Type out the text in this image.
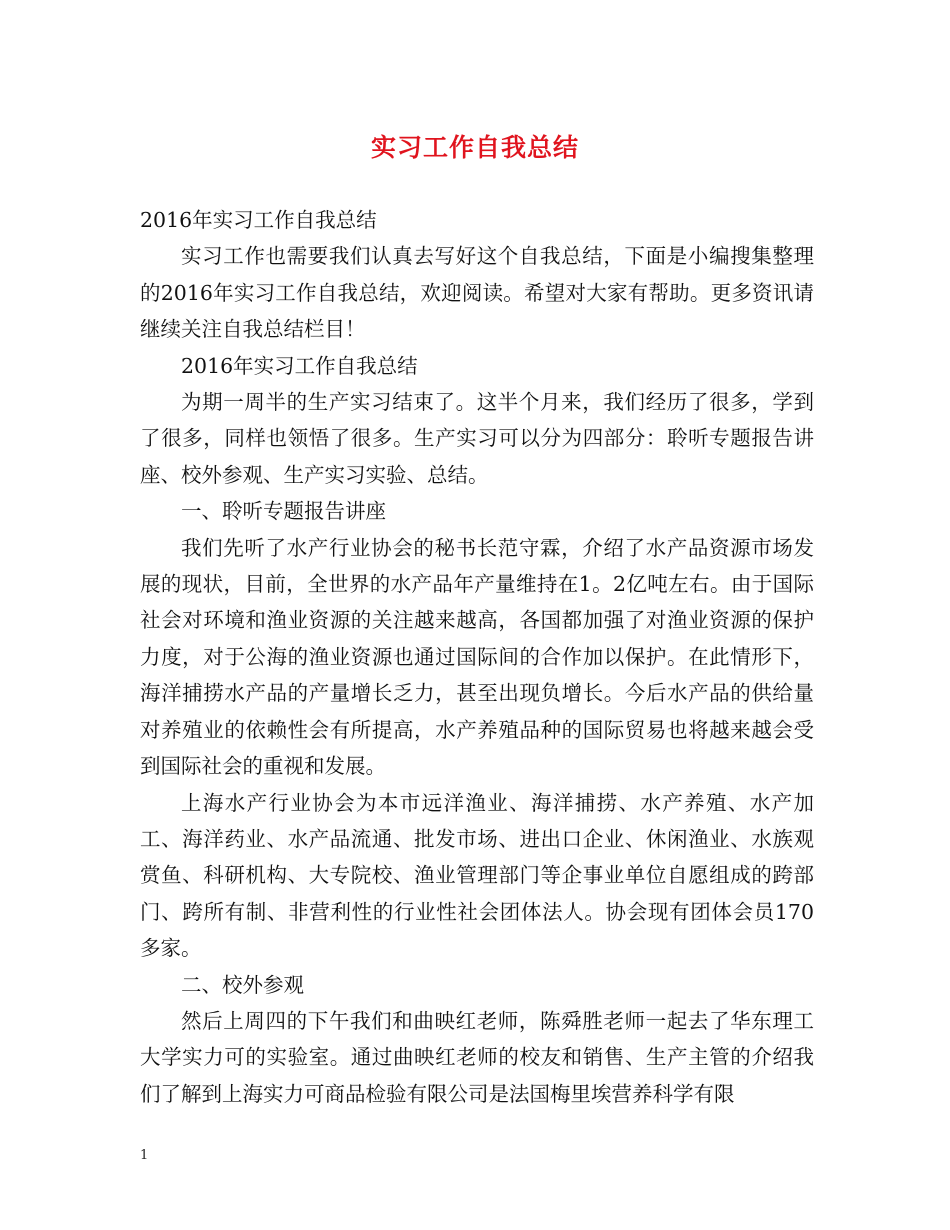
实习工作自我总结

2016年实习工作自我总结

实习工作也需要我们认真去写好这个自我总结，下面是小编搜集整理的2016年实习工作自我总结，欢迎阅读。希望对大家有帮助。更多资讯请继续关注自我总结栏目！

2016年实习工作自我总结

为期一周半的生产实习结束了。这半个月来，我们经历了很多，学到了很多，同样也领悟了很多。生产实习可以分为四部分：聆听专题报告讲座、校外参观、生产实习实验、总结。

一、聆听专题报告讲座

我们先听了水产行业协会的秘书长范守霖，介绍了水产品资源市场发展的现状，目前，全世界的水产品年产量维持在1。2亿吨左右。由于国际社会对环境和渔业资源的关注越来越高，各国都加强了对渔业资源的保护力度，对于公海的渔业资源也通过国际间的合作加以保护。在此情形下，海洋捕捞水产品的产量增长乏力，甚至出现负增长。今后水产品的供给量对养殖业的依赖性会有所提高，水产养殖品种的国际贸易也将越来越会受到国际社会的重视和发展。

上海水产行业协会为本市远洋渔业、海洋捕捞、水产养殖、水产加工、海洋药业、水产品流通、批发市场、进出口企业、休闲渔业、水族观赏鱼、科研机构、大专院校、渔业管理部门等企事业单位自愿组成的跨部门、跨所有制、非营利性的行业性社会团体法人。协会现有团体会员170多家。

二、校外参观

然后上周四的下午我们和曲映红老师，陈舜胜老师一起去了华东理工大学实力可的实验室。通过曲映红老师的校友和销售、生产主管的介绍我们了解到上海实力可商品检验有限公司是法国梅里埃营养科学有限

1
